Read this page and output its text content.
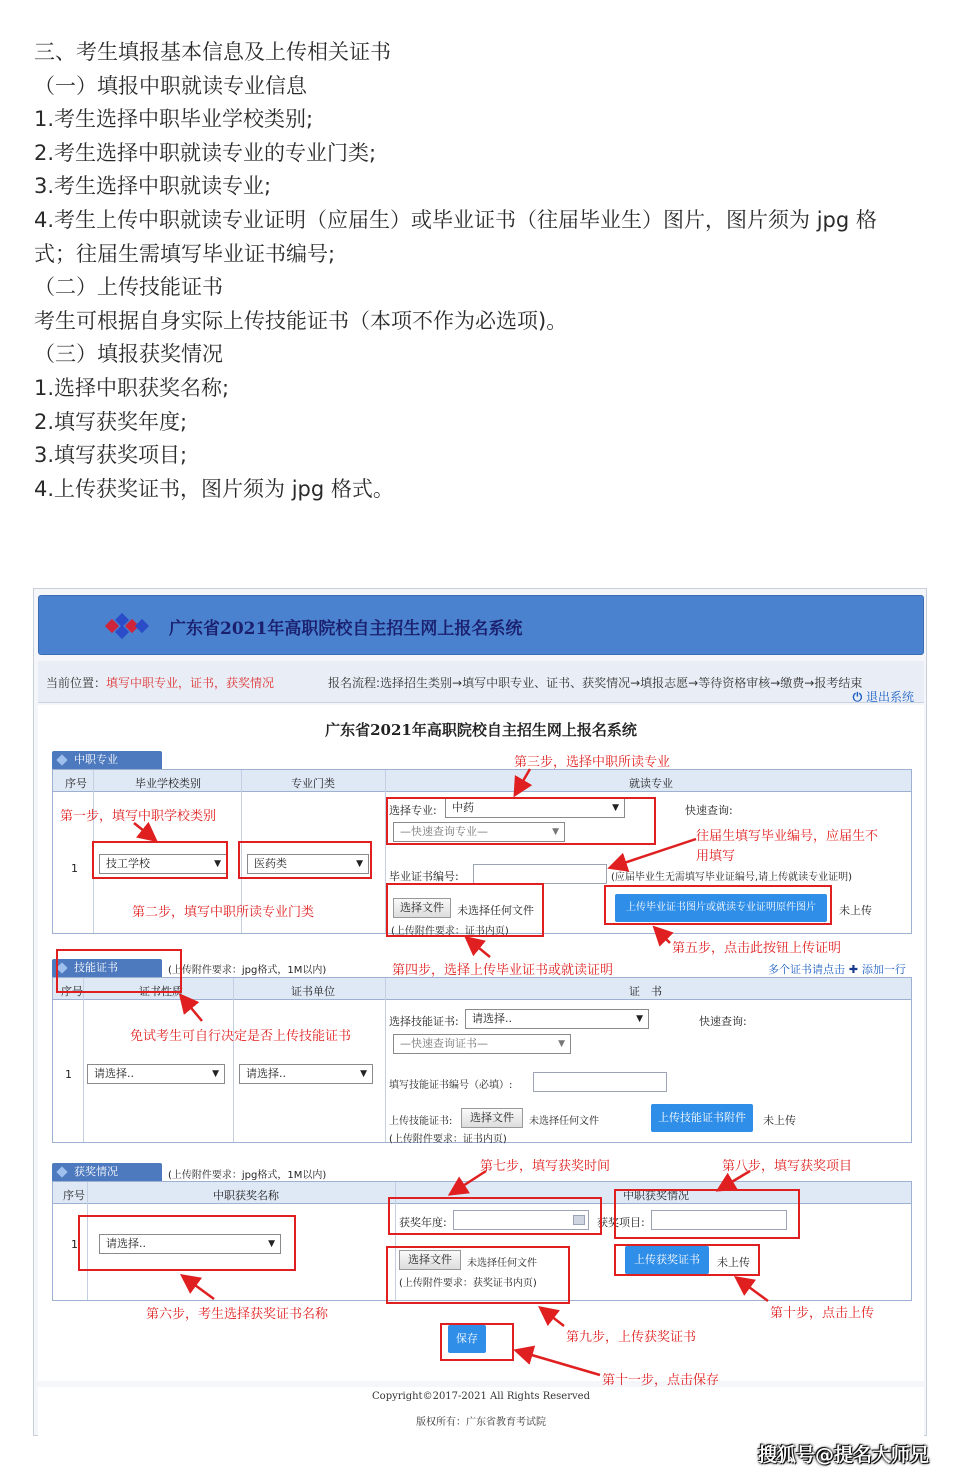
三、考生填报基本信息及上传相关证书
（一）填报中职就读专业信息
1.考生选择中职毕业学校类别;
2.考生选择中职就读专业的专业门类;
3.考生选择中职就读专业;
4.考生上传中职就读专业证明（应届生）或毕业证书（往届毕业生）图片，图片须为 jpg 格
式；往届生需填写毕业证书编号;
（二）上传技能证书
考生可根据自身实际上传技能证书（本项不作为必选项)。
（三）填报获奖情况
1.选择中职获奖名称;
2.填写获奖年度;
3.填写获奖项目;
4.上传获奖证书，图片须为 jpg 格式。
广东省2021年高职院校自主招生网上报名系统
当前位置：填写中职专业，证书，获奖情况	报名流程:选择招生类别→填写中职专业、证书、获奖情况→填报志愿→等待资格审核→缴费→报考结束
⏻ 退出系统
广东省2021年高职院校自主招生网上报名系统
中职专业
序号	毕业学校类别	专业门类	就读专业
1	技工学校	▼	医药类	▼
选择专业:	中药	▼
—快速查询专业—	▼
快速查询:
毕业证书编号:	(应届毕业生无需填写毕业证编号,请上传就读专业证明)
选择文件	未选择任何文件
(上传附件要求：证书内页)
上传毕业证书图片或就读专业证明原件图片	未上传
技能证书	(上传附件要求：jpg格式，1M以内)	多个证书请点击 ✚ 添加一行
序号	证书性质	证书单位	证　书
1	请选择..	▼	请选择..	▼
选择技能证书:	请选择..	▼
—快速查询证书—	▼
快速查询:
填写技能证书编号（必填）:
上传技能证书:	选择文件	未选择任何文件
(上传附件要求：证书内页)
上传技能证书附件	未上传
获奖情况	(上传附件要求：jpg格式，1M以内)
序号	中职获奖名称	中职获奖情况
1	请选择..	▼
获奖年度:	获奖项目:
选择文件	未选择任何文件
(上传附件要求：获奖证书内页)
上传获奖证书	未上传
保存
Copyright©2017-2021 All Rights Reserved
版权所有：广东省教育考试院
第一步，填写中职学校类别
第二步，填写中职所读专业门类
第三步，选择中职所读专业
第四步，选择上传毕业证书或就读证明
第五步，点击此按钮上传证明
第六步，考生选择获奖证书名称
第七步，填写获奖时间	第八步，填写获奖项目
第九步，上传获奖证书
第十步，点击上传
第十一步，点击保存
往届生填写毕业编号，应届生不
用填写
免试考生可自行决定是否上传技能证书
搜狐号@提名大师兄
